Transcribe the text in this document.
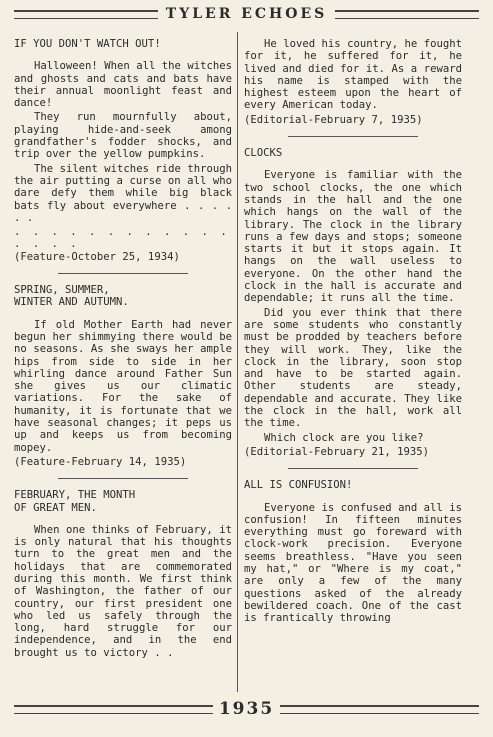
TYLER ECHOES
IF YOU DON'T WATCH OUT!

Halloween! When all the witches and ghosts and cats and bats have their annual moonlight feast and dance!

They run mournfully about, playing hide-and-seek among grandfather's fodder shocks, and trip over the yellow pumpkins.

The silent witches ride through the air putting a curse on all who dare defy them while big black bats fly about everywhere . . . . . .

. . . . . . . . . . . . . . . .
(Feature-October 25, 1934)
SPRING, SUMMER,
WINTER AND AUTUMN.

If old Mother Earth had never begun her shimmying there would be no seasons. As she sways her ample hips from side to side in her whirling dance around Father Sun she gives us our climatic variations. For the sake of humanity, it is fortunate that we have seasonal changes; it peps us up and keeps us from becoming mopey.

(Feature-February 14, 1935)
FEBRUARY, THE MONTH
OF GREAT MEN.

When one thinks of February, it is only natural that his thoughts turn to the great men and the holidays that are commemorated during this month. We first think of Washington, the father of our country, our first president one who led us safely through the long, hard struggle for our independence, and in the end brought us to victory . .

He loved his country, he fought for it, he suffered for it, he lived and died for it. As a reward his name is stamped with the highest esteem upon the heart of every American today.

(Editorial-February 7, 1935)
CLOCKS

Everyone is familiar with the two school clocks, the one which stands in the hall and the one which hangs on the wall of the library. The clock in the library runs a few days and stops; someone starts it but it stops again. It hangs on the wall useless to everyone. On the other hand the clock in the hall is accurate and dependable; it runs all the time.

Did you ever think that there are some students who constantly must be prodded by teachers before they will work. They, like the clock in the library, soon stop and have to be started again. Other students are steady, dependable and accurate. They like the clock in the hall, work all the time.

Which clock are you like?

(Editorial-February 21, 1935)
ALL IS CONFUSION!

Everyone is confused and all is confusion! In fifteen minutes everything must go foreward with clock-work precision. Everyone seems breathless. "Have you seen my hat," or "Where is my coat," are only a few of the many questions asked of the already bewildered coach. One of the cast is frantically throwing

1935
